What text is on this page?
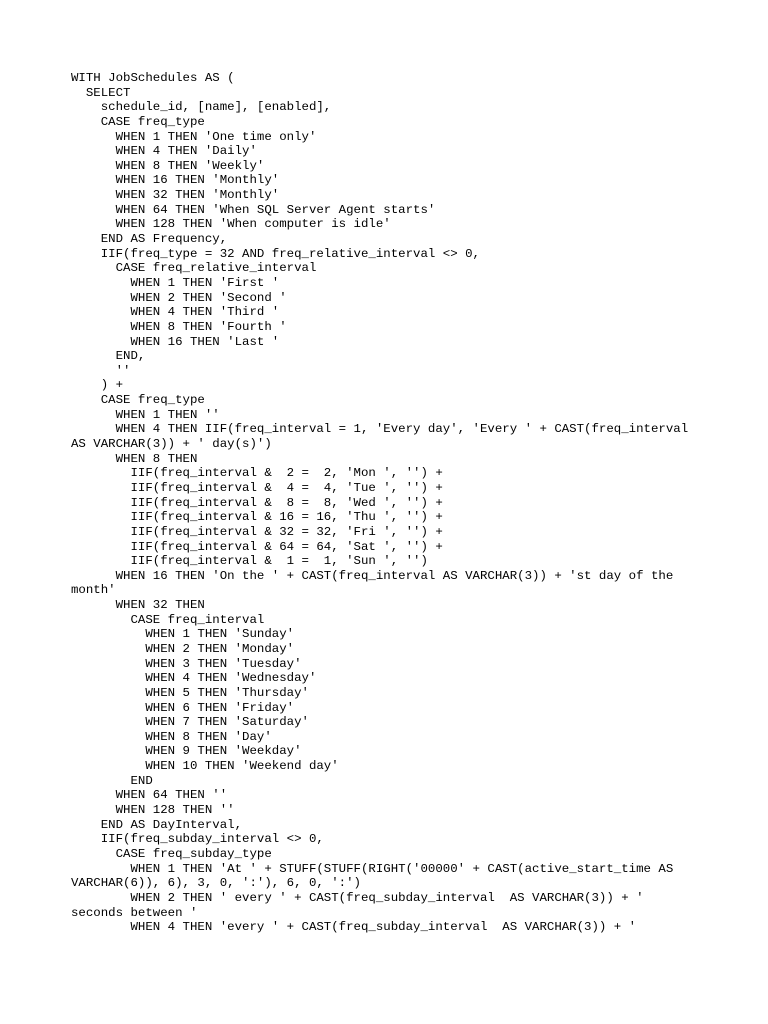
WITH JobSchedules AS (
SELECT
schedule_id, [name], [enabled],
CASE freq_type
WHEN 1 THEN 'One time only'
WHEN 4 THEN 'Daily'
WHEN 8 THEN 'Weekly'
WHEN 16 THEN 'Monthly'
WHEN 32 THEN 'Monthly'
WHEN 64 THEN 'When SQL Server Agent starts'
WHEN 128 THEN 'When computer is idle'
END AS Frequency,
IIF(freq_type = 32 AND freq_relative_interval <> 0,
CASE freq_relative_interval
WHEN 1 THEN 'First '
WHEN 2 THEN 'Second '
WHEN 4 THEN 'Third '
WHEN 8 THEN 'Fourth '
WHEN 16 THEN 'Last '
END,
''
) +
CASE freq_type
WHEN 1 THEN ''
WHEN 4 THEN IIF(freq_interval = 1, 'Every day', 'Every ' + CAST(freq_interval
AS VARCHAR(3)) + ' day(s)')
WHEN 8 THEN
IIF(freq_interval &  2 =  2, 'Mon ', '') +
IIF(freq_interval &  4 =  4, 'Tue ', '') +
IIF(freq_interval &  8 =  8, 'Wed ', '') +
IIF(freq_interval & 16 = 16, 'Thu ', '') +
IIF(freq_interval & 32 = 32, 'Fri ', '') +
IIF(freq_interval & 64 = 64, 'Sat ', '') +
IIF(freq_interval &  1 =  1, 'Sun ', '')
WHEN 16 THEN 'On the ' + CAST(freq_interval AS VARCHAR(3)) + 'st day of the
month'
WHEN 32 THEN
CASE freq_interval
WHEN 1 THEN 'Sunday'
WHEN 2 THEN 'Monday'
WHEN 3 THEN 'Tuesday'
WHEN 4 THEN 'Wednesday'
WHEN 5 THEN 'Thursday'
WHEN 6 THEN 'Friday'
WHEN 7 THEN 'Saturday'
WHEN 8 THEN 'Day'
WHEN 9 THEN 'Weekday'
WHEN 10 THEN 'Weekend day'
END
WHEN 64 THEN ''
WHEN 128 THEN ''
END AS DayInterval,
IIF(freq_subday_interval <> 0,
CASE freq_subday_type
WHEN 1 THEN 'At ' + STUFF(STUFF(RIGHT('00000' + CAST(active_start_time AS
VARCHAR(6)), 6), 3, 0, ':'), 6, 0, ':')
WHEN 2 THEN ' every ' + CAST(freq_subday_interval  AS VARCHAR(3)) + '
seconds between '
WHEN 4 THEN 'every ' + CAST(freq_subday_interval  AS VARCHAR(3)) + '
